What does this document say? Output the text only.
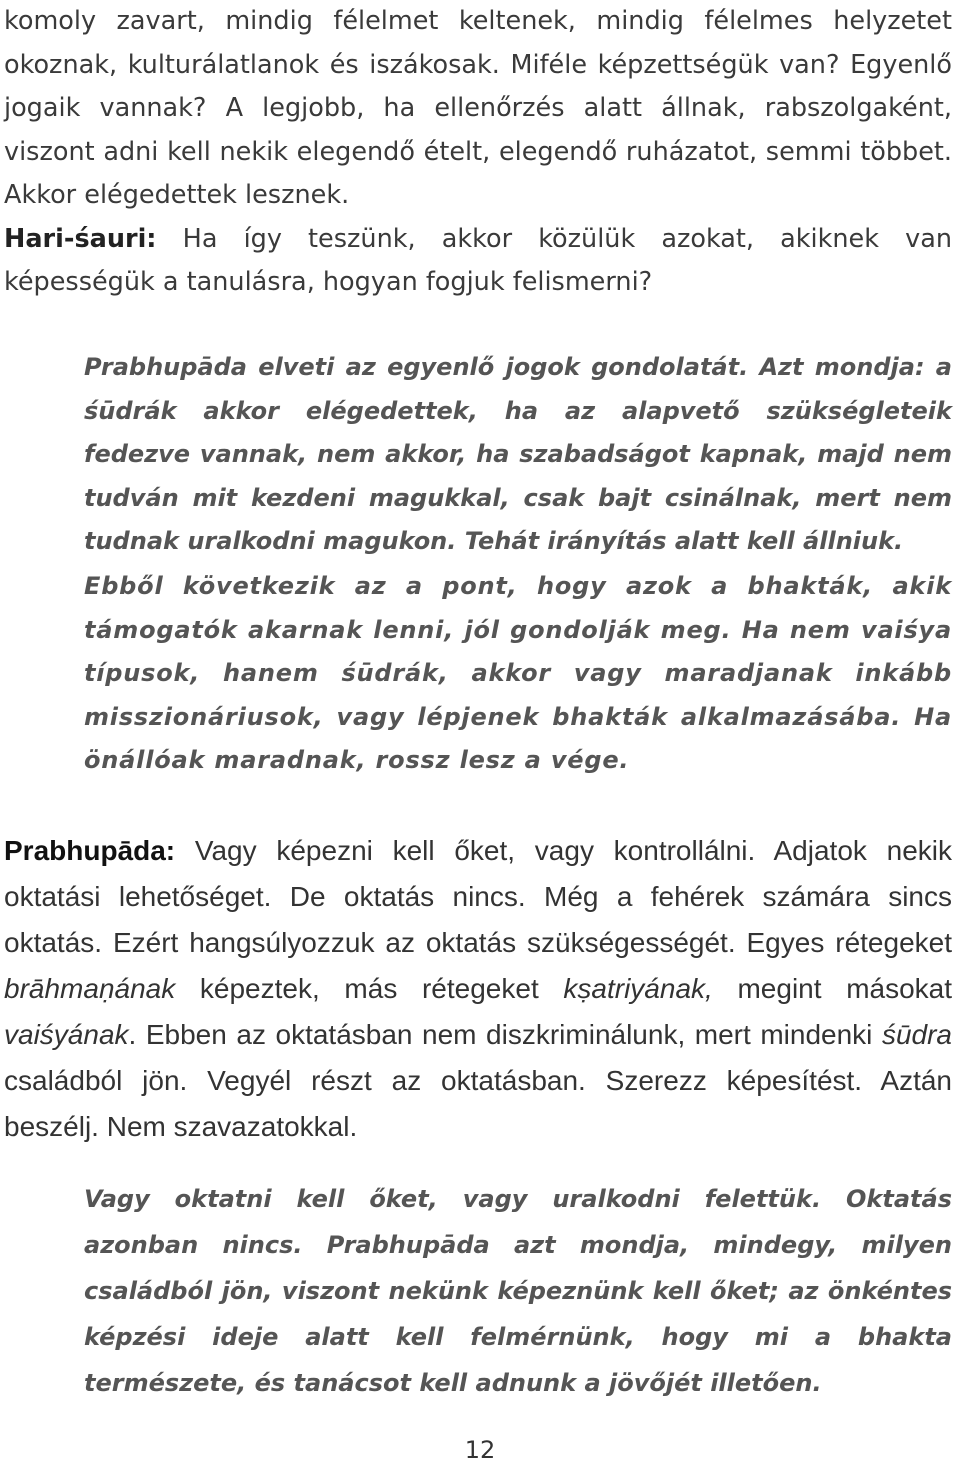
komoly zavart, mindig félelmet keltenek, mindig félelmes helyzetet okoznak, kulturálatlanok és iszákosak. Miféle képzettségük van? Egyenlő jogaik vannak? A legjobb, ha ellenőrzés alatt állnak, rabszolgaként, viszont adni kell nekik elegendő ételt, elegendő ruházatot, semmi többet. Akkor elégedettek lesznek.
Hari-śauri: Ha így teszünk, akkor közülük azokat, akiknek van képességük a tanulásra, hogyan fogjuk felismerni?

Prabhupāda elveti az egyenlő jogok gondolatát. Azt mondja: a śūdrák akkor elégedettek, ha az alapvető szükségleteik fedezve vannak, nem akkor, ha szabadságot kapnak, majd nem tudván mit kezdeni magukkal, csak bajt csinálnak, mert nem tudnak uralkodni magukon. Tehát irányítás alatt kell állniuk.

Ebből következik az a pont, hogy azok a bhakták, akik támogatók akarnak lenni, jól gondolják meg. Ha nem vaiśya típusok, hanem śūdrák, akkor vagy maradjanak inkább misszionáriusok, vagy lépjenek bhakták alkalmazásába. Ha önállóak maradnak, rossz lesz a vége.

Prabhupāda: Vagy képezni kell őket, vagy kontrollálni. Adjatok nekik oktatási lehetőséget. De oktatás nincs. Még a fehérek számára sincs oktatás. Ezért hangsúlyozzuk az oktatás szükségességét. Egyes rétegeket brāhmaṇának képeztek, más rétegeket kṣatriyának, megint másokat vaiśyának. Ebben az oktatásban nem diszkriminálunk, mert mindenki śūdra családból jön. Vegyél részt az oktatásban. Szerezz képesítést. Aztán beszélj. Nem szavazatokkal.

Vagy oktatni kell őket, vagy uralkodni felettük. Oktatás azonban nincs. Prabhupāda azt mondja, mindegy, milyen családból jön, viszont nekünk képeznünk kell őket; az önkéntes képzési ideje alatt kell felmérnünk, hogy mi a bhakta természete, és tanácsot kell adnunk a jövőjét illetően.

12
